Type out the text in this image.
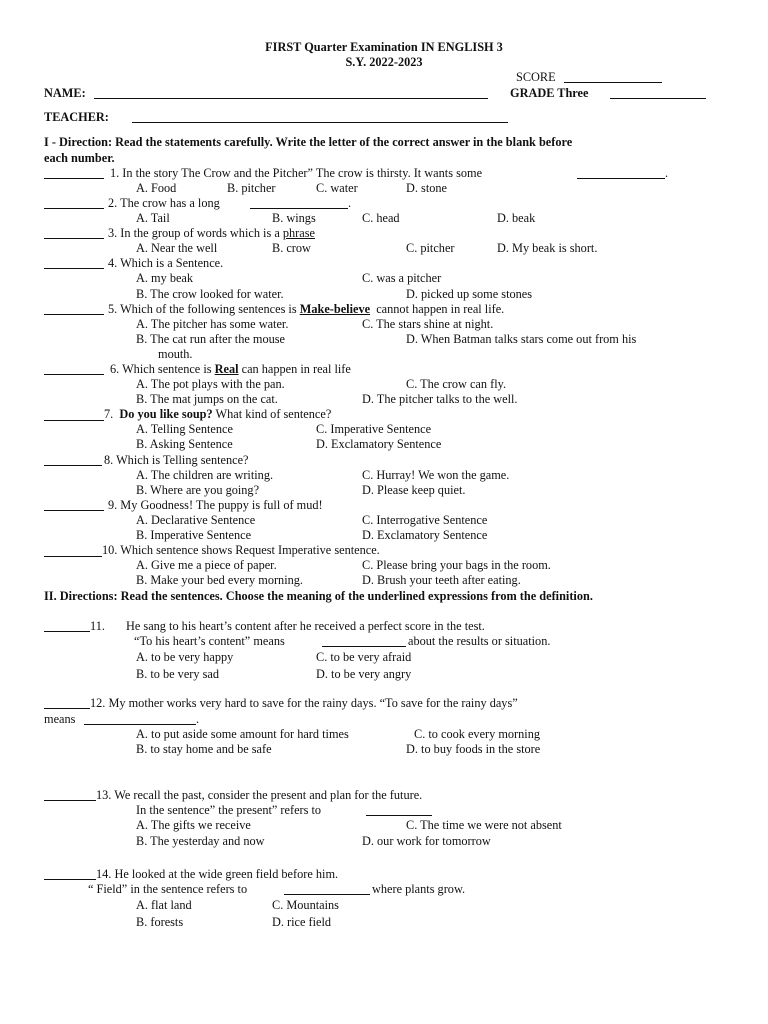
FIRST Quarter Examination IN ENGLISH 3
S.Y. 2022-2023
SCORE
NAME:	GRADE Three
TEACHER:
I - Direction: Read the statements carefully. Write the letter of the correct answer in the blank before
each number.
1. In the story The Crow and the Pitcher” The crow is thirsty. It wants some	.
A. Food	B. pitcher	C. water	D. stone
2. The crow has a long	.
A. Tail	B. wings	C. head	D. beak
3. In the group of words which is a phrase
A. Near the well	B. crow	C. pitcher	D. My beak is short.
4. Which is a Sentence.
A. my beak	C. was a pitcher
B. The crow looked for water.	D. picked up some stones
5. Which of the following sentences is Make-believe cannot happen in real life.
A. The pitcher has some water.	C. The stars shine at night.
B. The cat run after the mouse	D. When Batman talks stars come out from his
mouth.
6. Which sentence is Real can happen in real life
A. The pot plays with the pan.	C. The crow can fly.
B. The mat jumps on the cat.	D. The pitcher talks to the well.
7. Do you like soup? What kind of sentence?
A. Telling Sentence	C. Imperative Sentence
B. Asking Sentence	D. Exclamatory Sentence
8. Which is Telling sentence?
A. The children are writing.	C. Hurray! We won the game.
B. Where are you going?	D. Please keep quiet.
9. My Goodness! The puppy is full of mud!
A. Declarative Sentence	C. Interrogative Sentence
B. Imperative Sentence	D. Exclamatory Sentence
10. Which sentence shows Request Imperative sentence.
A. Give me a piece of paper.	C. Please bring your bags in the room.
B. Make your bed every morning.	D. Brush your teeth after eating.
II. Directions: Read the sentences. Choose the meaning of the underlined expressions from the definition.
11. He sang to his heart’s content after he received a perfect score in the test.
“To his heart’s content” means	about the results or situation.
A. to be very happy	C. to be very afraid
B. to be very sad	D. to be very angry
12. My mother works very hard to save for the rainy days. “To save for the rainy days”
means	.
A. to put aside some amount for hard times	C. to cook every morning
B. to stay home and be safe	D. to buy foods in the store
13. We recall the past, consider the present and plan for the future.
In the sentence” the present” refers to
A. The gifts we receive	C. The time we were not absent
B. The yesterday and now	D. our work for tomorrow
14. He looked at the wide green field before him.
“ Field” in the sentence refers to	where plants grow.
A. flat land	C. Mountains
B. forests	D. rice field
